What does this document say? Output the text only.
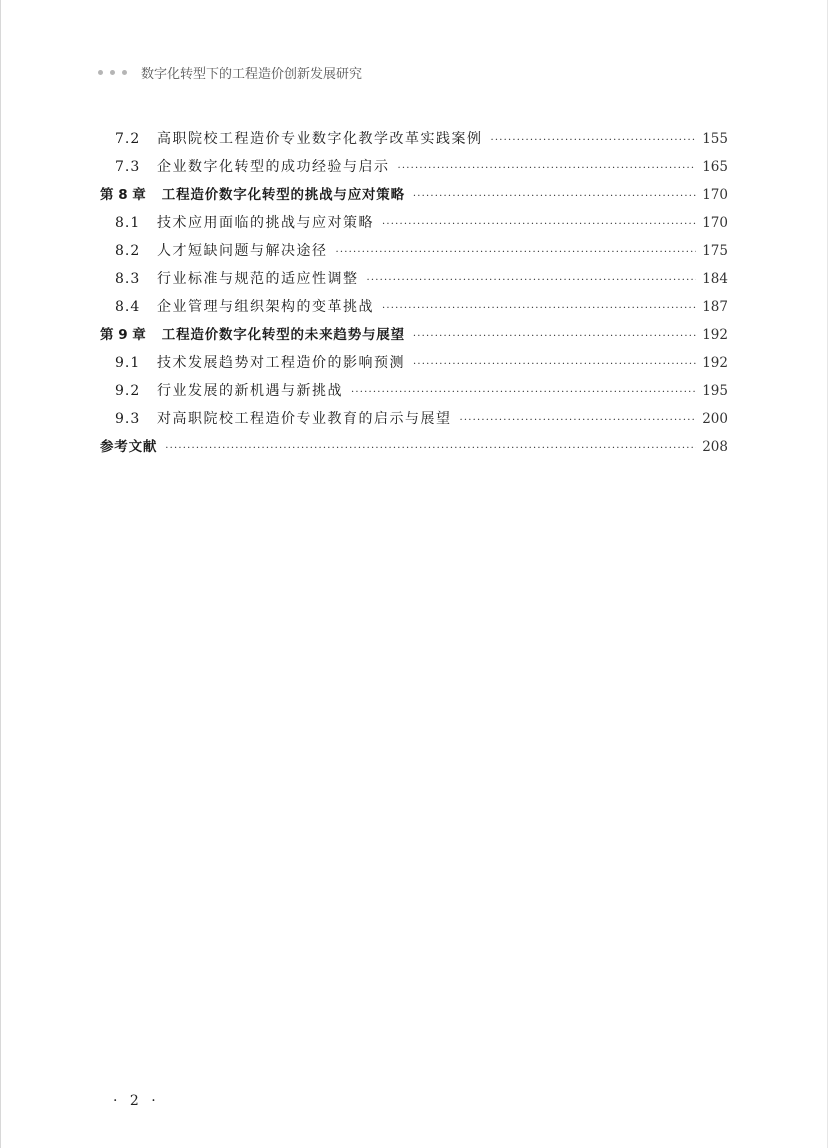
数字化转型下的工程造价创新发展研究
7.2	高职院校工程造价专业数字化教学改革实践案例 ·····	155
7.3	企业数字化转型的成功经验与启示 ·····	165
第 8 章 工程造价数字化转型的挑战与应对策略 ·····	170
8.1	技术应用面临的挑战与应对策略 ·····	170
8.2	人才短缺问题与解决途径 ·····	175
8.3	行业标准与规范的适应性调整 ·····	184
8.4	企业管理与组织架构的变革挑战 ·····	187
第 9 章 工程造价数字化转型的未来趋势与展望 ·····	192
9.1	技术发展趋势对工程造价的影响预测 ·····	192
9.2	行业发展的新机遇与新挑战 ·····	195
9.3	对高职院校工程造价专业教育的启示与展望 ·····	200
参考文献 ·····	208
· 2 ·
